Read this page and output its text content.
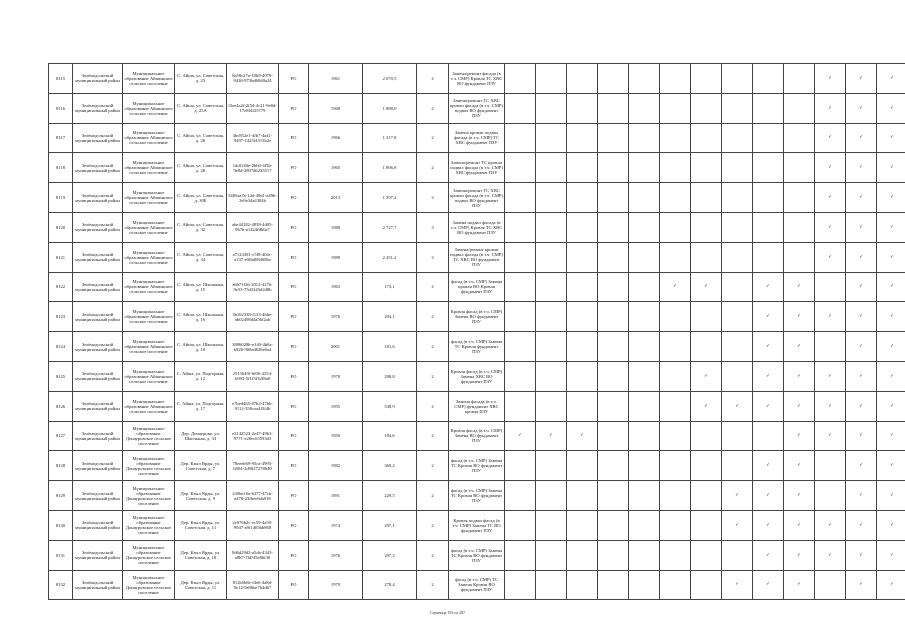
8115	Зелёнодольский муниципальный район	Муниципальное образование Айшинское сельское поселение	С. Айша, ул. Советская, д. 23	8a58c27a-10b9-4979-9436-873bd60d0a24	РО	1961	2 070,5	2	Замена/ремонт фасада (в т.ч. СМР) Кровля ТС ХВС ВО фундамент ПЗУ											✓	✓	✓
8116	Зелёнодольский муниципальный район	Муниципальное образование Айшинское сельское поселение	С. Айша, ул. Советская, д. 25А	f3ee4a2f-2f54-4c21-9e8d-17e8f4f25779	РО	1968	1 888,0	2	Замена/ремонт ТС ХВС кровли фасада (в т.ч. СМР) подвал ВО фундамент ПЗУ											✓	✓	✓
8117	Зелёнодольский муниципальный район	Муниципальное образование Айшинское сельское поселение	С. Айша, ул. Советская, д. 26	3bc852e1-4fb7-4a41-9497-1425f4513b2e	РО	1966	1 317,8	2	Замена кровли подвал фасада (в т.ч. СМР) ТС ХВС фундамент ПЗУ											✓	✓	✓
8118	Зелёнодольский муниципальный район	Муниципальное образование Айшинское сельское поселение	С. Айша, ул. Советская, д. 28	1dd1f40e-2bb0-4f5b-9e0d-2897d6235517	РО	1965	1 806,8	2	Замена/ремонт ТС кровли подвал фасада (в т.ч. СМР) ХВС фундамент ПЗУ											✓	✓	✓
8119	Зелёнодольский муниципальный район	Муниципальное образование Айшинское сельское поселение	С. Айша, ул. Советская, д. 30Б	5485aa7a-14d-48d1-a49b-2e9e34a4384b	РО	2013	1 397,2	3	Замена/ремонт ТС ХВС кровли фасада (в т.ч. СМР) подвал ВО фундамент ПЗУ											✓	✓	✓
8120	Зелёнодольский муниципальный район	Муниципальное образование Айшинское сельское поселение	С. Айша, ул. Советская, д. 32	abe44182-4838-4d05-967b-a1424fdb6a7	РО	1988	2 727,7	3	Замена подвал фасада (в т.ч. СМР) Кровля ТС ХВС ВО фундамент ПЗУ											✓	✓	✓
8121	Зелёнодольский муниципальный район	Муниципальное образование Айшинское сельское поселение	С. Айша, ул. Советская, д. 34	a7123491-c5f8-404c-a137-e0fbd08d68be	РО	1989	2 451,2	3	Замена/ремонт кровли подвал фасада (в т.ч. СМР) ТС ХВС ВО фундамент ПЗУ											✓	✓	✓
8122	Зелёнодольский муниципальный район	Муниципальное образование Айшинское сельское поселение	С. Айша, ул. Школьная, д. 15	a6671f26-2012-427b-9e53-75d3245d2d8b	РО	1963	173,1	2	фасад (в т.ч. СМР) Замена кровли ВО Кровля фундамент ПЗУ						✓	✓		✓	✓		✓	✓
8123	Зелёнодольский муниципальный район	Муниципальное образование Айшинское сельское поселение	С. Айша, ул. Школьная, д. 16	3b162338-f133-4bbe-ab02498d4a56f2ab	РО	1976	294,1	2	Кровля фасад (в т.ч. СМР) Замена ВО фундамент ПЗУ									✓	✓	✓	✓	✓
8124	Зелёнодольский муниципальный район	Муниципальное образование Айшинское сельское поселение	С. Айша, ул. Школьная, д. 18	3886028b-e140-4b0a-b926-900ad826e6a4	РО	2001	181,6	2	фасад (в т.ч. СМР) Замена ТС Кровля фундамент ПЗУ									✓	✓		✓	✓
8125	Зелёнодольский муниципальный район	Муниципальное образование Айшинское сельское поселение	С. Айша, ул. Подгорная, д. 12	2515649f-6f06-4554-b993-5f1f3f32f8a8	РО	1978	298,8	2	Кровля фасад (в т.ч. СМР) Замена ХВС ВО фундамент ПЗУ							✓		✓	✓	✓	✓	✓
8126	Зелёнодольский муниципальный район	Муниципальное образование Айшинское сельское поселение	С. Айша, ул. Подгорная, д. 17	e7bed465-87b3-47bb-9112-350cea4f3f4b	РО	1955	538,9	2	Замена фасада (в т.ч. СМР) фундамент ХВС кровля ПЗУ							✓	✓	✓	✓	✓	✓	✓
8127	Зелёнодольский муниципальный район	Муниципальное образование Донауровское сельское поселение	Дер. Донаурово, ул. Школьная, д. 33	e3142523-2e47-49b3-9771-e28ec65593d3	РО	1950	184,6	2	Кровля фасад (в т.ч. СМР) Замена ВО фундамент ПЗУ	✓	✓	✓							✓	✓	✓	✓
8128	Зелёнодольский муниципальный район	Муниципальное образование Донауровское сельское поселение	Дер. Кзыл Ярды, ул. Советская, д. 7	78eeeb69-95ca-4995-b904-2d9827278640	РО	1982	369,2	2	фасад (в т.ч. СМР) Замена ТС Кровля ВО фундамент ПЗУ									✓	✓		✓	✓
8129	Зелёнодольский муниципальный район	Муниципальное образование Донауровское сельское поселение	Дер. Кзыл Ярды, ул. Советская, д. 9	230be16a-b377-47cb-a478-23fbee6da918	РО	1891	229,5	2	фасад (в т.ч. СМР) Замена ТС Кровля ВО фундамент ПЗУ								✓	✓	✓		✓	✓
8130	Зелёнодольский муниципальный район	Муниципальное образование Донауровское сельское поселение	Дер. Кзыл Ярды, ул. Советская, д. 11	2e976b2c-ec59-4a59-9947-a9f1405bb868	РО	1974	297,1	2	Кровля подвал фасад (в т.ч. СМР) Замена ТС ВО фундамент ПЗУ								✓	✓	✓	✓	✓	✓
8131	Зелёнодольский муниципальный район	Муниципальное образование Донауровское сельское поселение	Дер. Кзыл Ярды, ул. Советская, д. 10	8d6d29d2-a5da-4343-a8b7-7fd5f5e86f30	РО	1976	297,3	2	фасад (в т.ч. СМР) Замена ТС Кровля ВО фундамент ПЗУ									✓	✓	✓	✓	✓
8132	Зелёнодольский муниципальный район	Муниципальное образование Донауровское сельское поселение	Дер. Кзыл Ярды, ул. Советская, д. 11	812b5b8e-f4e6-4a8d-9e12-9a96be7b4d67	РО	1979	278,4	2	фасад (в т.ч. СМР) ТС Замена Кровля ВО фундамент ПЗУ								✓	✓	✓		✓	✓
Страница 192 из 287
